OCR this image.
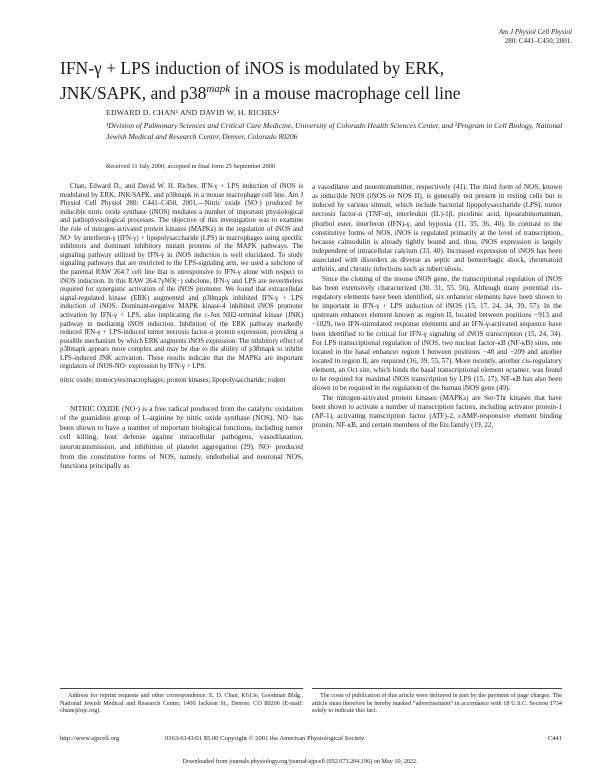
Am J Physiol Cell Physiol
280: C441–C450, 2001.
IFN-γ + LPS induction of iNOS is modulated by ERK,
JNK/SAPK, and $p38^{mapk}$ in a mouse macrophage cell line
EDWARD D. CHAN¹ AND DAVID W. H. RICHES²
¹Division of Pulmonary Sciences and Critical Care Medicine, University of Colorado Health Sciences Center, and ²Program in Cell Biology, National Jewish Medical and Research Center, Denver, Colorado 80206
Received 11 July 2000; accepted in final form 25 September 2000

Chan, Edward D., and David W. H. Riches. IFN-γ + LPS induction of iNOS is modulated by ERK, JNK/SAPK, and p38mapk in a mouse macrophage cell line. Am J Physiol Cell Physiol 280: C441–C450, 2001.—Nitric oxide (NO·) produced by inducible nitric oxide synthase (iNOS) mediates a number of important physiological and pathophysiological processes. The objective of this investigation was to examine the role of mitogen-activated protein kinases (MAPKs) in the regulation of iNOS and NO· by interferon-γ (IFN-γ) + lipopolysaccharide (LPS) in macrophages using specific inhibitors and dominant inhibitory mutant proteins of the MAPK pathways. The signaling pathway utilized by IFN-γ in iNOS induction is well elucidated. To study signaling pathways that are restricted to the LPS-signaling arm, we used a subclone of the parental RAW 264.7 cell line that is unresponsive to IFN-γ alone with respect to iNOS induction. In this RAW 264.7γNO(−) subclone, IFN-γ and LPS are nevertheless required for synergistic activation of the iNOS promoter. We found that extracellular signal-regulated kinase (ERK) augmented and p38mapk inhibited IFN-γ + LPS induction of iNOS. Dominant-negative MAPK kinase-4 inhibited iNOS promoter activation by IFN-γ + LPS, also implicating the c-Jun NH2-terminal kinase (JNK) pathway in mediating iNOS induction. Inhibition of the ERK pathway markedly reduced IFN-γ + LPS-induced tumor necrosis factor-α protein expression, providing a possible mechanism by which ERK augments iNOS expression. The inhibitory effect of p38mapk appears more complex and may be due to the ability of p38mapk to inhibit LPS-induced JNK activation. These results indicate that the MAPKs are important regulators of iNOS-NO· expression by IFN-γ + LPS.

nitric oxide; monocytes/macrophages; protein kinases; lipopolysaccharide; rodent

NITRIC OXIDE (NO·) is a free radical produced from the catalytic oxidation of the guanidino group of L-arginine by nitric oxide synthase (NOS). NO· has been shown to have a number of important biological functions, including tumor cell killing, host defense against intracellular pathogens, vasodilatation, neurotransmission, and inhibition of platelet aggregation (29). NO· produced from the constitutive forms of NOS, namely, endothelial and neuronal NOS, functions principally as

a vasodilator and neurotransmitter, respectively (41). The third form of NOS, known as inducible NOS (iNOS or NOS II), is generally not present in resting cells but is induced by various stimuli, which include bacterial lipopolysaccharide (LPS), tumor necrosis factor-α (TNF-α), interleukin (IL)-1β, picolinic acid, lipoarabinomannan, phorbol ester, interferon (IFN)-γ, and hypoxia (11, 35, 36, 40). In contrast to the constitutive forms of NOS, iNOS is regulated primarily at the level of transcription, because calmodulin is already tightly bound and, thus, iNOS expression is largely independent of intracellular calcium (33, 40). Increased expression of iNOS has been associated with disorders as diverse as septic and hemorrhagic shock, rheumatoid arthritis, and chronic infections such as tuberculosis.

Since the cloning of the mouse iNOS gene, the transcriptional regulation of iNOS has been extensively characterized (30, 31, 55, 56). Although many potential cis-regulatory elements have been identified, six enhancer elements have been shown to be important in IFN-γ + LPS induction of iNOS (15, 17, 24, 34, 39, 57). In the upstream enhancer element known as region II, located between positions −913 and −1029, two IFN-stimulated response elements and an IFN-γ-activated sequence have been identified to be critical for IFN-γ signaling of iNOS transcription (15, 24, 34). For LPS transcriptional regulation of iNOS, two nuclear factor-κB (NF-κB) sites, one located in the basal enhancer region I between positions −48 and −209 and another located in region II, are required (16, 39, 55, 57). More recently, another cis-regulatory element, an Oct site, which binds the basal transcriptional element octamer, was found to be required for maximal iNOS transcription by LPS (15, 17). NF-κB has also been shown to be required in the regulation of the human iNOS gene (49).

The mitogen-activated protein kinases (MAPKs) are Ser-Thr kinases that have been shown to activate a number of transcription factors, including activator protein-1 (AP-1), activating transcription factor (ATF)-2, cAMP-responsive element binding protein, NF-κB, and certain members of the Ets family (19, 22,

Address for reprint requests and other correspondence: E. D. Chan, K613e, Goodman Bldg., National Jewish Medical and Research Center, 1400 Jackson St., Denver, CO 80206 (E-mail: chane@njc.org).
The costs of publication of this article were defrayed in part by the payment of page charges. The article must therefore be hereby marked “advertisement” in accordance with 18 U.S.C. Section 1734 solely to indicate this fact.
http://www.ajpcell.org	0363-6143/01 $5.00 Copyright © 2001 the American Physiological Society	C441
Downloaded from journals.physiology.org/journal/ajpcell (052.073.204.196) on May 10, 2022.
